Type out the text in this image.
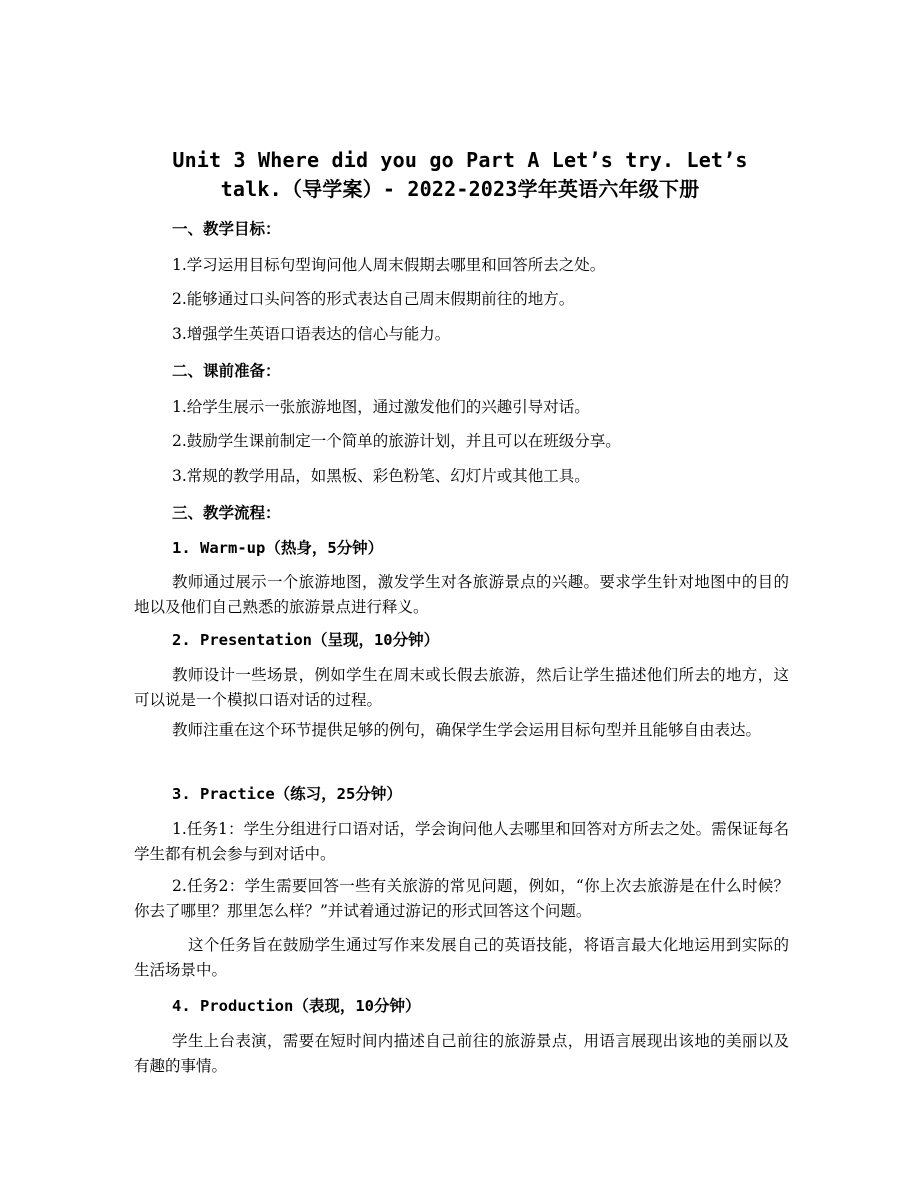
Unit 3 Where did you go Part A Let’s try. Let’s
talk.（导学案）- 2022-2023学年英语六年级下册
一、教学目标：
1.学习运用目标句型询问他人周末假期去哪里和回答所去之处。
2.能够通过口头问答的形式表达自己周末假期前往的地方。
3.增强学生英语口语表达的信心与能力。
二、课前准备：
1.给学生展示一张旅游地图，通过激发他们的兴趣引导对话。
2.鼓励学生课前制定一个简单的旅游计划，并且可以在班级分享。
3.常规的教学用品，如黑板、彩色粉笔、幻灯片或其他工具。
三、教学流程：
1. Warm-up（热身，5分钟）
教师通过展示一个旅游地图，激发学生对各旅游景点的兴趣。要求学生针对地图中的目的地以及他们自己熟悉的旅游景点进行释义。
2. Presentation（呈现，10分钟）
教师设计一些场景，例如学生在周末或长假去旅游，然后让学生描述他们所去的地方，这可以说是一个模拟口语对话的过程。
教师注重在这个环节提供足够的例句，确保学生学会运用目标句型并且能够自由表达。
3. Practice（练习，25分钟）
1.任务1：学生分组进行口语对话，学会询问他人去哪里和回答对方所去之处。需保证每名学生都有机会参与到对话中。
2.任务2：学生需要回答一些有关旅游的常见问题，例如，“你上次去旅游是在什么时候？你去了哪里？那里怎么样？”并试着通过游记的形式回答这个问题。
这个任务旨在鼓励学生通过写作来发展自己的英语技能，将语言最大化地运用到实际的生活场景中。
4. Production（表现，10分钟）
学生上台表演，需要在短时间内描述自己前往的旅游景点，用语言展现出该地的美丽以及有趣的事情。
